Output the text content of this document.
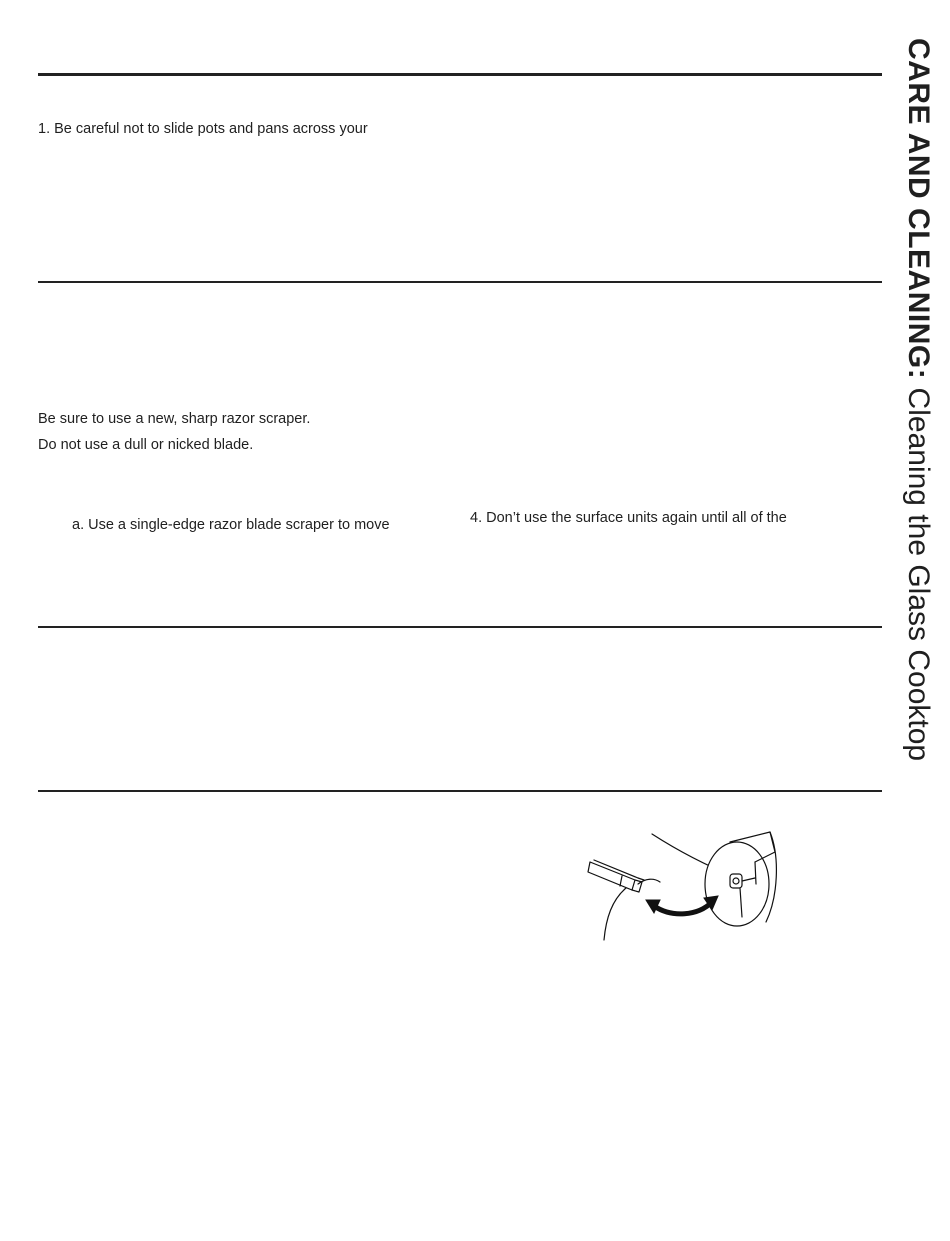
1. Be careful not to slide pots and pans across your
Be sure to use a new, sharp razor scraper.
Do not use a dull or nicked blade.
a. Use a single-edge razor blade scraper to move	4. Don’t use the surface units again until all of the
CARE AND CLEANING: Cleaning the Glass Cooktop
